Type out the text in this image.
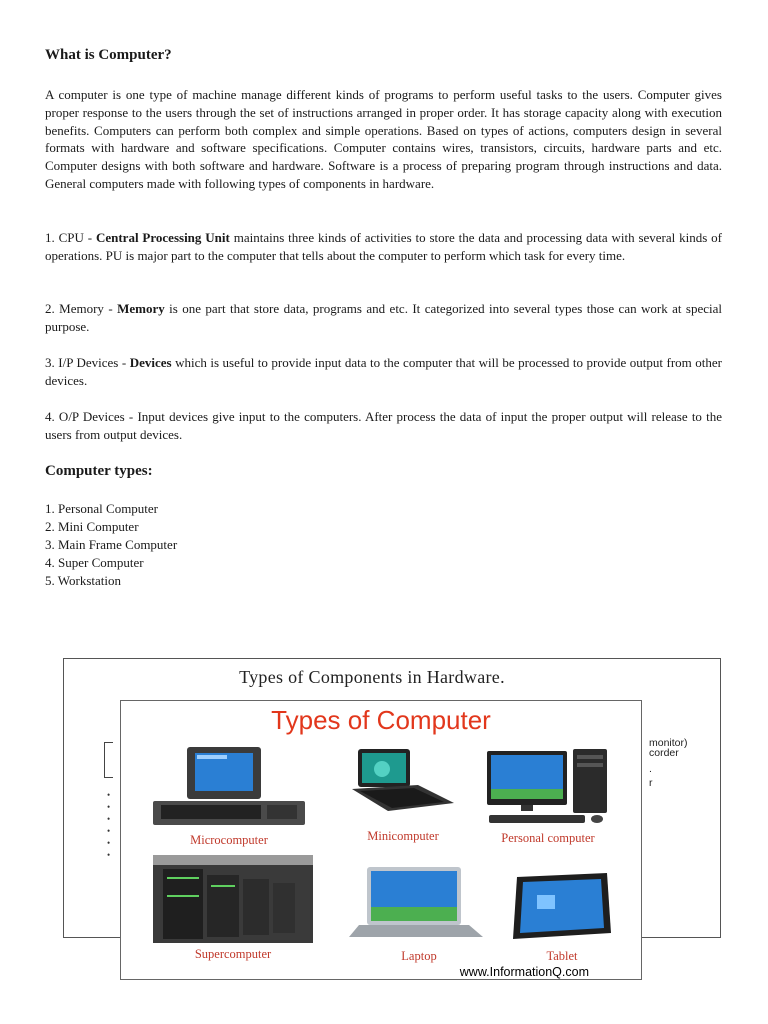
What is Computer?

A computer is one type of machine manage different kinds of programs to perform useful tasks to the users. Computer gives proper response to the users through the set of instructions arranged in proper order. It has storage capacity along with execution benefits. Computers can perform both complex and simple operations. Based on types of actions, computers design in several formats with hardware and software specifications. Computer contains wires, transistors, circuits, hardware parts and etc. Computer designs with both software and hardware. Software is a process of preparing program through instructions and data. General computers made with following types of components in hardware.

1. CPU - Central Processing Unit maintains three kinds of activities to store the data and processing data with several kinds of operations. PU is major part to the computer that tells about the computer to perform which task for every time.

2. Memory - Memory is one part that store data, programs and etc. It categorized into several types those can work at special purpose.

3. I/P Devices - Devices which is useful to provide input data to the computer that will be processed to provide output from other devices.

4. O/P Devices - Input devices give input to the computers. After process the data of input the proper output will release to the users from output devices.

Computer types:
1. Personal Computer
2. Mini Computer
3. Main Frame Computer
4. Super Computer
5. Workstation
Types of Components in Hardware.
•
•
•
•
•
•
monitor)
corder
.
r
Types of Computer
Microcomputer	Minicomputer	Personal computer
Supercomputer	Laptop	Tablet
www.InformationQ.com
